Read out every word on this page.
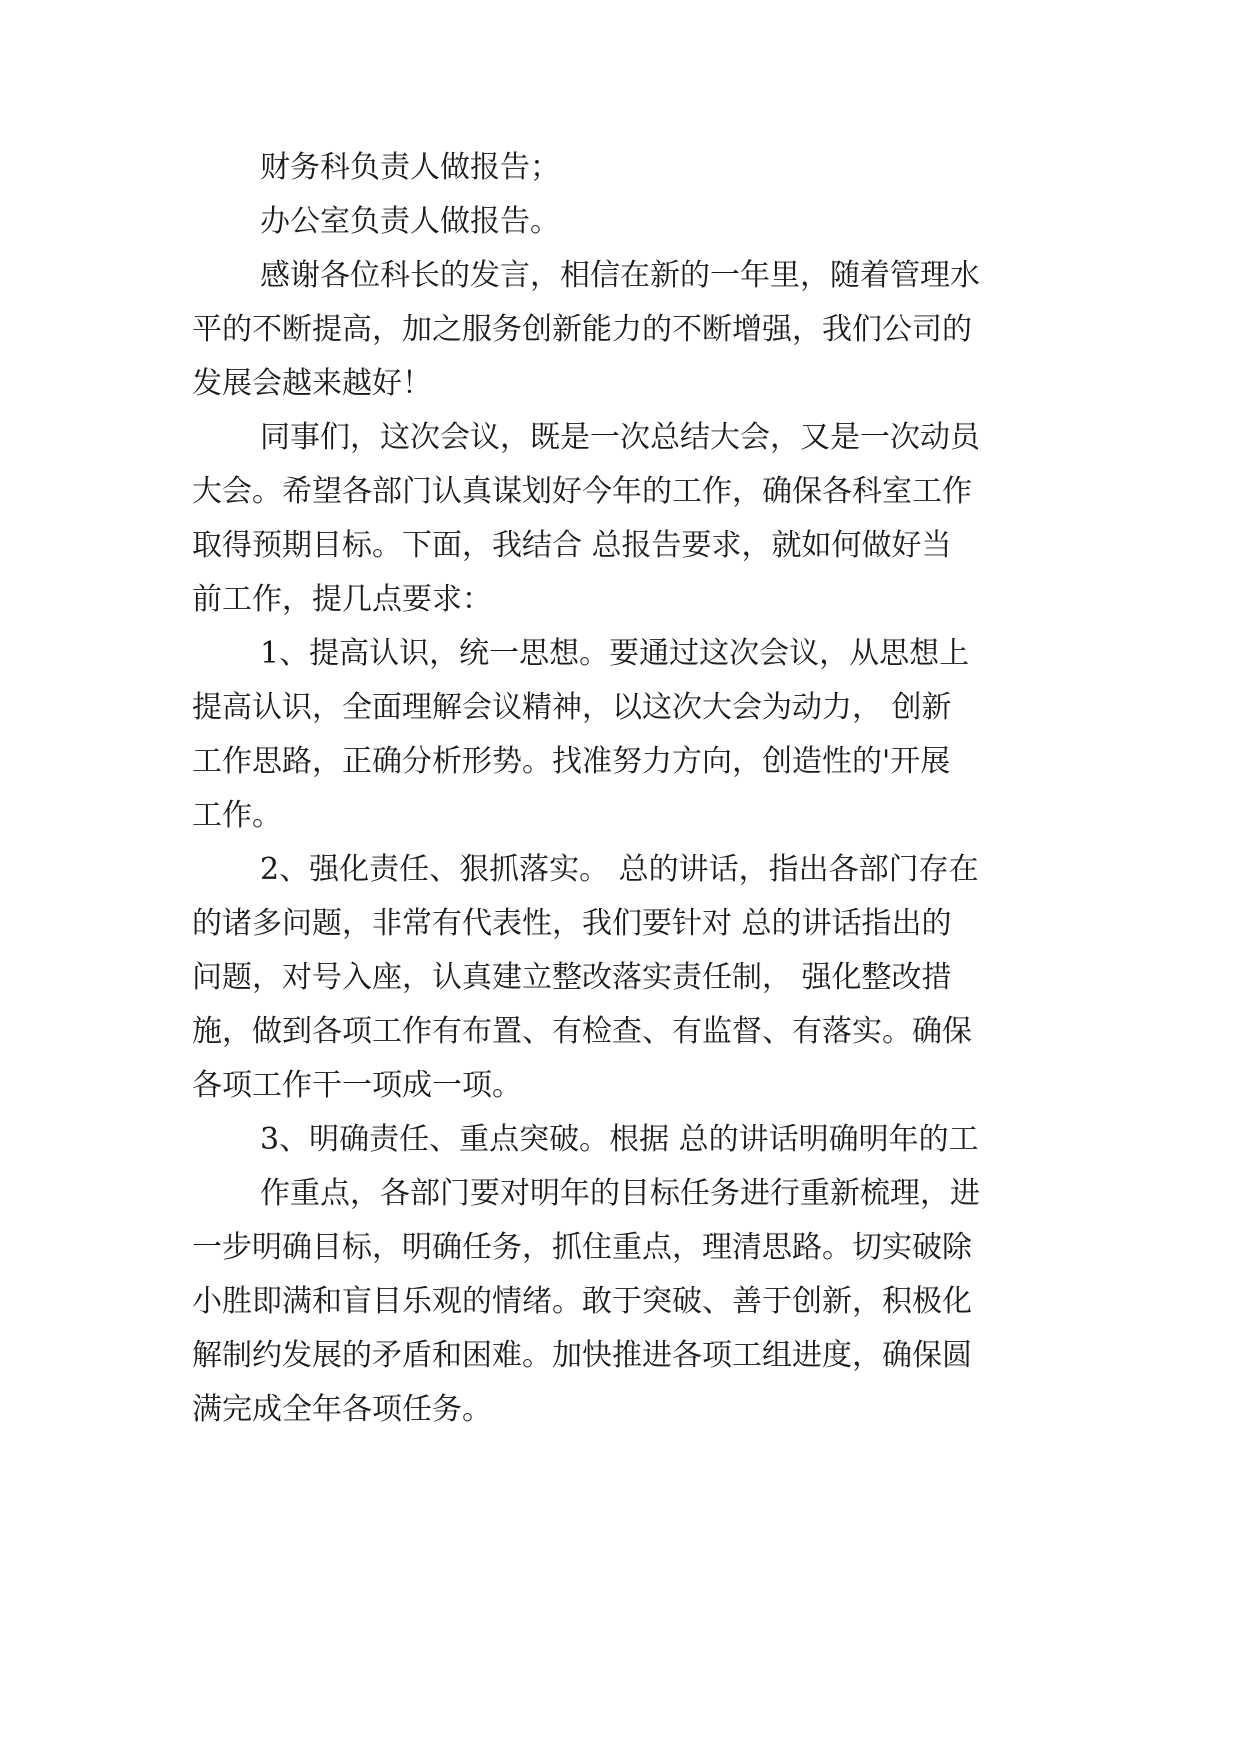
财务科负责人做报告；

办公室负责人做报告。

感谢各位科长的发言，相信在新的一年里，随着管理水

平的不断提高，加之服务创新能力的不断增强，我们公司的

发展会越来越好！

同事们，这次会议，既是一次总结大会，又是一次动员

大会。希望各部门认真谋划好今年的工作，确保各科室工作

取得预期目标。下面，我结合 总报告要求，就如何做好当

前工作，提几点要求：

1、提高认识，统一思想。要通过这次会议，从思想上

提高认识，全面理解会议精神，以这次大会为动力， 创新

工作思路，正确分析形势。找准努力方向，创造性的'开展

工作。

2、强化责任、狠抓落实。 总的讲话，指出各部门存在

的诸多问题，非常有代表性，我们要针对 总的讲话指出的

问题，对号入座，认真建立整改落实责任制， 强化整改措

施，做到各项工作有布置、有检查、有监督、有落实。确保

各项工作干一项成一项。

3、明确责任、重点突破。根据 总的讲话明确明年的工

作重点，各部门要对明年的目标任务进行重新梳理，进

一步明确目标，明确任务，抓住重点，理清思路。切实破除

小胜即满和盲目乐观的情绪。敢于突破、善于创新，积极化

解制约发展的矛盾和困难。加快推进各项工组进度，确保圆

满完成全年各项任务。
